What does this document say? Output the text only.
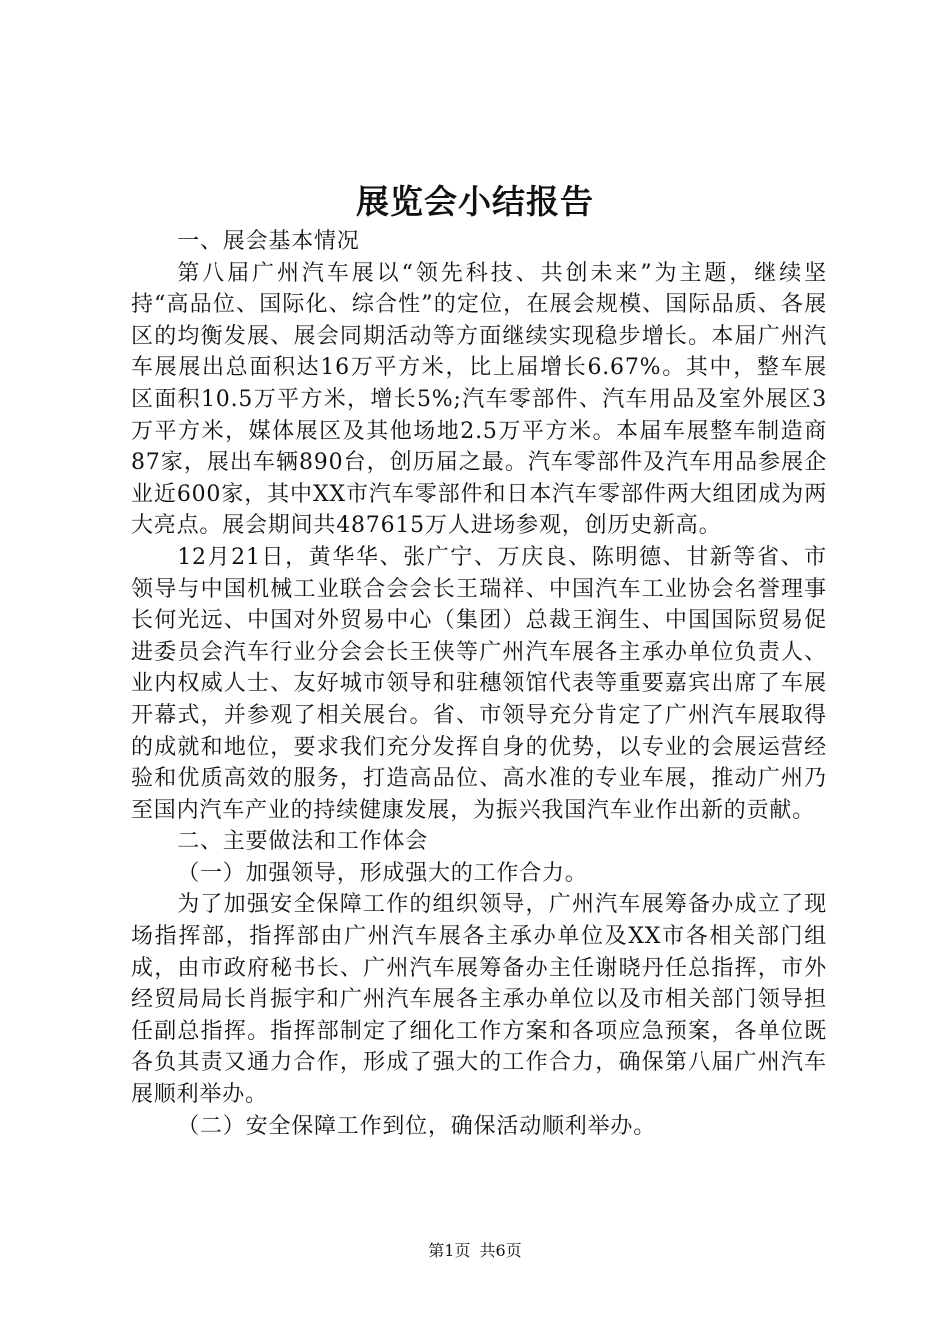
展览会小结报告

一、展会基本情况

第八届广州汽车展以“领先科技、共创未来”为主题，继续坚持“高品位、国际化、综合性”的定位，在展会规模、国际品质、各展区的均衡发展、展会同期活动等方面继续实现稳步增长。本届广州汽车展展出总面积达16万平方米，比上届增长6.67%。其中，整车展区面积10.5万平方米，增长5%;汽车零部件、汽车用品及室外展区3万平方米，媒体展区及其他场地2.5万平方米。本届车展整车制造商87家，展出车辆890台，创历届之最。汽车零部件及汽车用品参展企业近600家，其中XX市汽车零部件和日本汽车零部件两大组团成为两大亮点。展会期间共487615万人进场参观，创历史新高。

12月21日，黄华华、张广宁、万庆良、陈明德、甘新等省、市领导与中国机械工业联合会会长王瑞祥、中国汽车工业协会名誉理事长何光远、中国对外贸易中心（集团）总裁王润生、中国国际贸易促进委员会汽车行业分会会长王侠等广州汽车展各主承办单位负责人、业内权威人士、友好城市领导和驻穗领馆代表等重要嘉宾出席了车展开幕式，并参观了相关展台。省、市领导充分肯定了广州汽车展取得的成就和地位，要求我们充分发挥自身的优势，以专业的会展运营经验和优质高效的服务，打造高品位、高水准的专业车展，推动广州乃至国内汽车产业的持续健康发展，为振兴我国汽车业作出新的贡献。

二、主要做法和工作体会

（一）加强领导，形成强大的工作合力。

为了加强安全保障工作的组织领导，广州汽车展筹备办成立了现场指挥部，指挥部由广州汽车展各主承办单位及XX市各相关部门组成，由市政府秘书长、广州汽车展筹备办主任谢晓丹任总指挥，市外经贸局局长肖振宇和广州汽车展各主承办单位以及市相关部门领导担任副总指挥。指挥部制定了细化工作方案和各项应急预案，各单位既各负其责又通力合作，形成了强大的工作合力，确保第八届广州汽车展顺利举办。

（二）安全保障工作到位，确保活动顺利举办。

第1页 共6页
